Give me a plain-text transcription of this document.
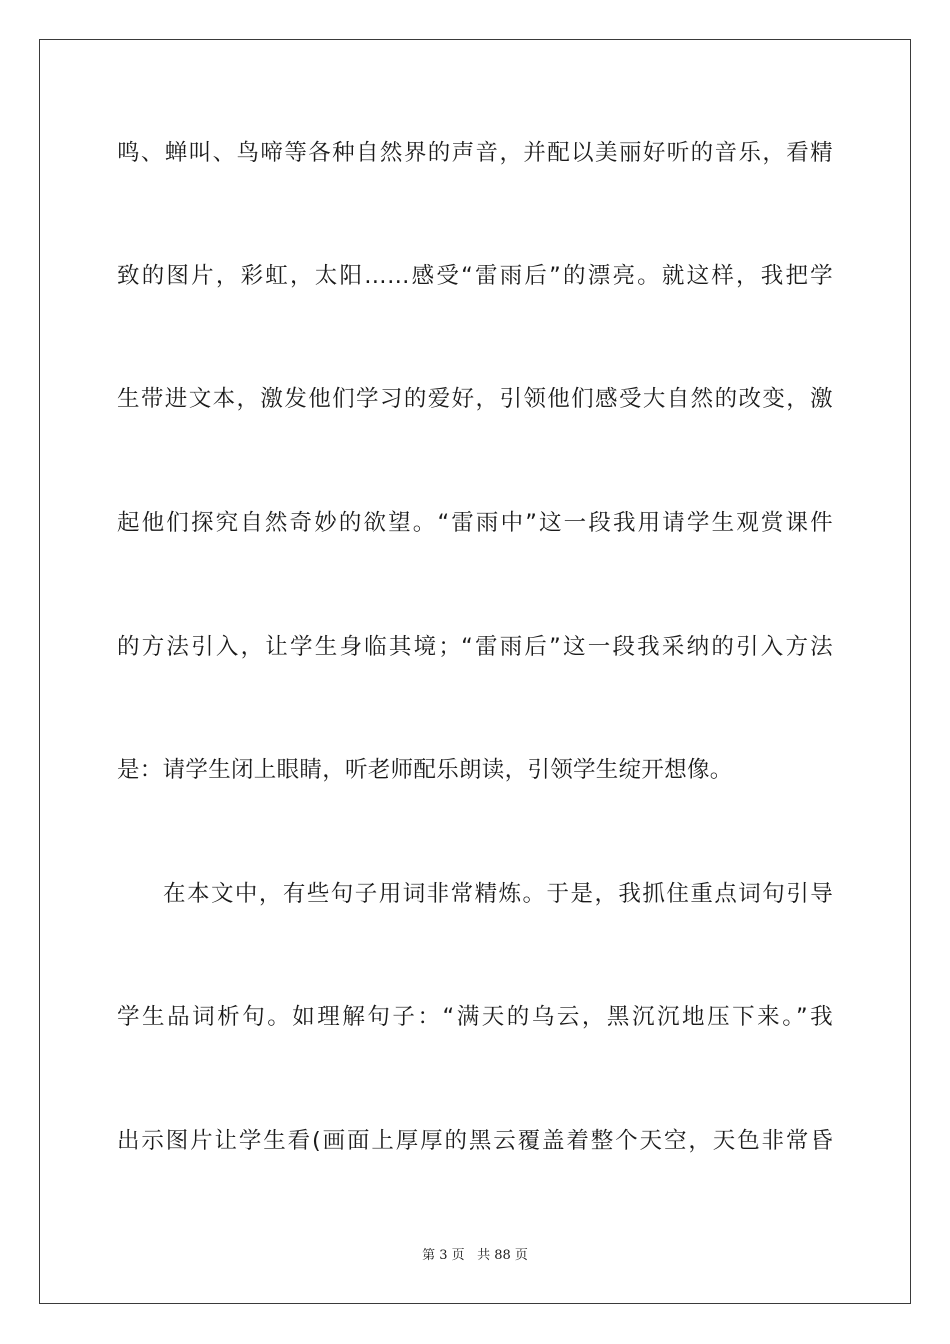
鸣、蝉叫、鸟啼等各种自然界的声音，并配以美丽好听的音乐，看精
致的图片，彩虹，太阳……感受“雷雨后”的漂亮。就这样，我把学
生带进文本，激发他们学习的爱好，引领他们感受大自然的改变，激
起他们探究自然奇妙的欲望。“雷雨中”这一段我用请学生观赏课件
的方法引入，让学生身临其境；“雷雨后”这一段我采纳的引入方法
是：请学生闭上眼睛，听老师配乐朗读，引领学生绽开想像。
在本文中，有些句子用词非常精炼。于是，我抓住重点词句引导
学生品词析句。如理解句子：“满天的乌云，黑沉沉地压下来。”我
出示图片让学生看(画面上厚厚的黑云覆盖着整个天空，天色非常昏
第 3 页 共 88 页
